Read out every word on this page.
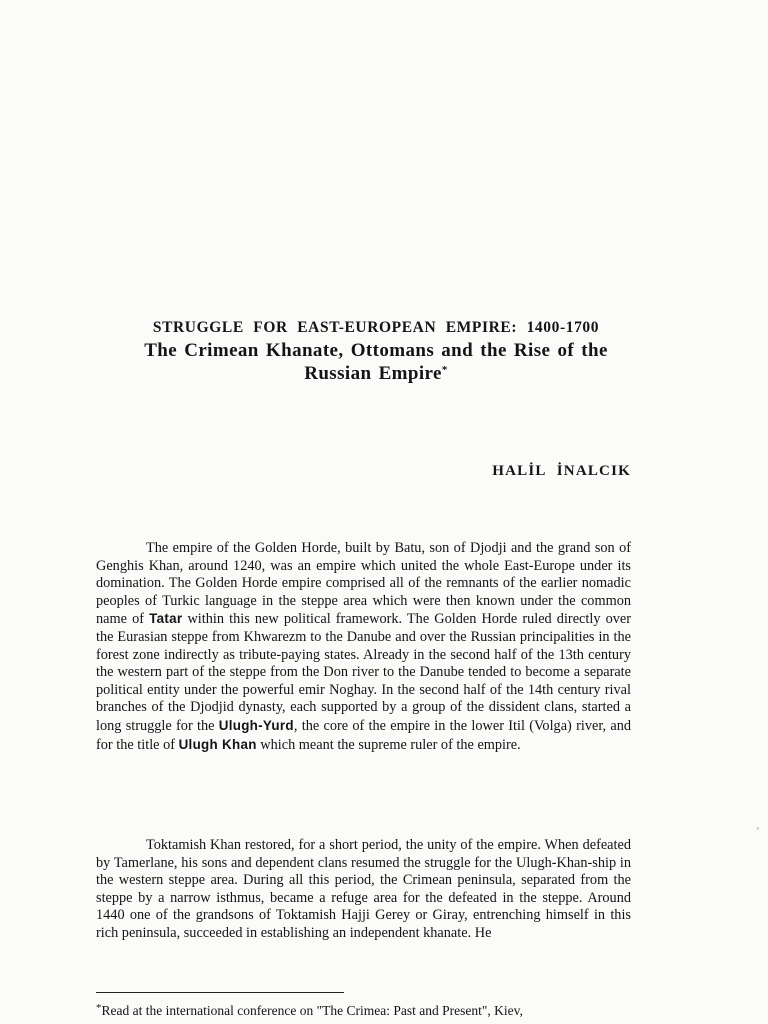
STRUGGLE FOR EAST-EUROPEAN EMPIRE: 1400-1700
The Crimean Khanate, Ottomans and the Rise of the
Russian Empire*

HALİL İNALCIK

The empire of the Golden Horde, built by Batu, son of Djodji and the grand son of Genghis Khan, around 1240, was an empire which united the whole East-Europe under its domination. The Golden Horde empire comprised all of the remnants of the earlier nomadic peoples of Turkic language in the steppe area which were then known under the common name of Tatar within this new political framework. The Golden Horde ruled directly over the Eurasian steppe from Khwarezm to the Danube and over the Russian principalities in the forest zone indirectly as tribute-paying states. Already in the second half of the 13th century the western part of the steppe from the Don river to the Danube tended to become a separate political entity under the powerful emir Noghay. In the second half of the 14th century rival branches of the Djodjid dynasty, each supported by a group of the dissident clans, started a long struggle for the Ulugh-Yurd, the core of the empire in the lower Itil (Volga) river, and for the title of Ulugh Khan which meant the supreme ruler of the empire.

Toktamish Khan restored, for a short period, the unity of the empire. When defeated by Tamerlane, his sons and dependent clans resumed the struggle for the Ulugh-Khan-ship in the western steppe area. During all this period, the Crimean peninsula, separated from the steppe by a narrow isthmus, became a refuge area for the defeated in the steppe. Around 1440 one of the grandsons of Toktamish Hajji Gerey or Giray, entrenching himself in this rich peninsula, succeeded in establishing an independent khanate. He

ʾ

*Read at the international conference on "The Crimea: Past and Present", Kiev,
